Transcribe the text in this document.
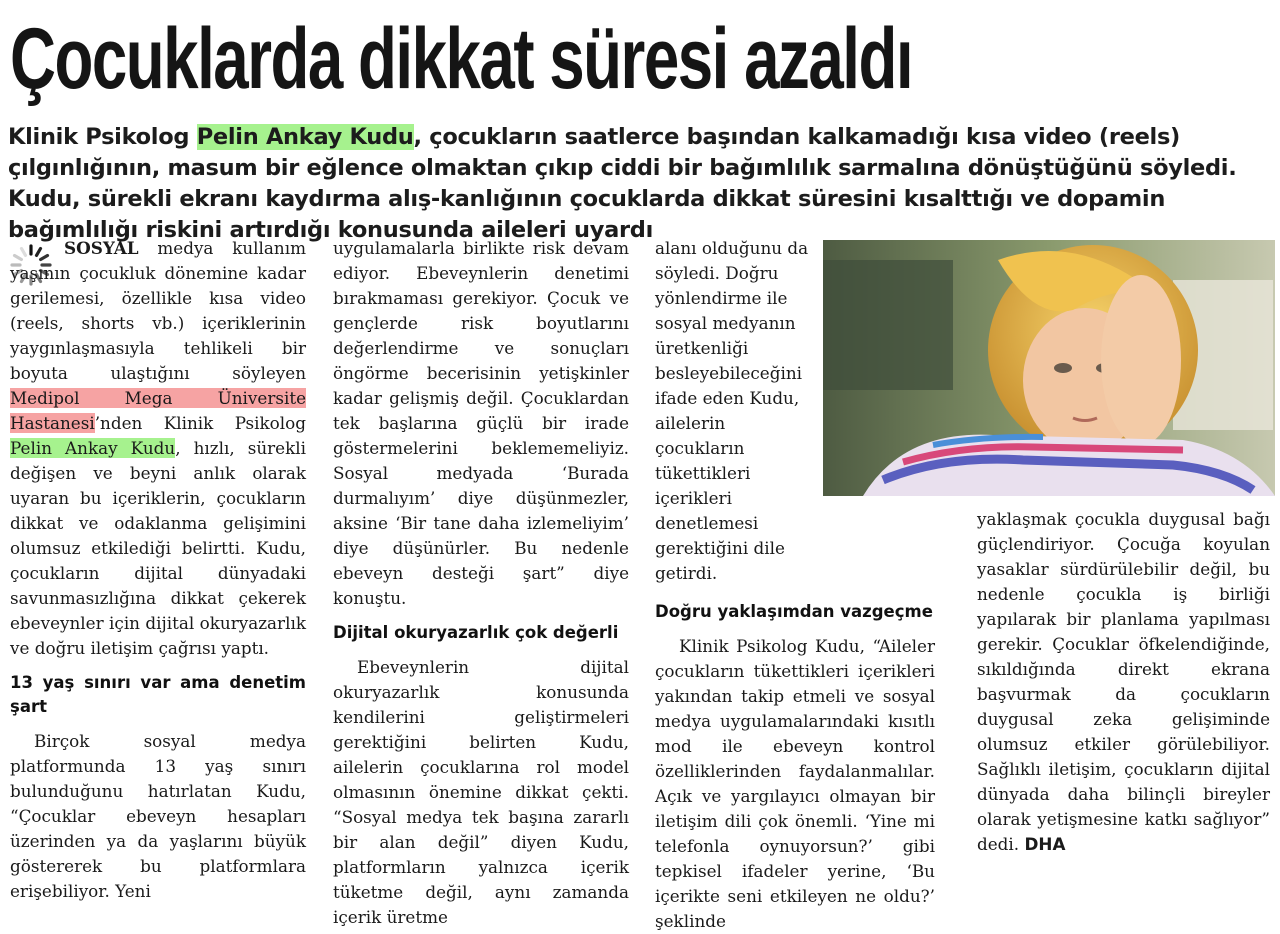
Çocuklarda dikkat süresi azaldı
Klinik Psikolog Pelin Ankay Kudu, çocukların saatlerce başından kalkamadığı kısa video (reels) çılgınlığının, masum bir eğlence olmaktan çıkıp ciddi bir bağımlılık sarmalına dönüştüğünü söyledi. Kudu, sürekli ekranı kaydırma alış-kanlığının çocuklarda dikkat süresini kısalttığı ve dopamin bağımlılığı riskini artırdığı konusunda aileleri uyardı

SOSYAL medya kullanım yaşının çocukluk dönemine kadar gerilemesi, özellikle kısa video (reels, shorts vb.) içeriklerinin yaygınlaşmasıyla tehlikeli bir boyuta ulaştığını söyleyen Medipol Mega Üniversite Hastanesi’nden Klinik Psikolog Pelin Ankay Kudu, hızlı, sürekli değişen ve beyni anlık olarak uyaran bu içeriklerin, çocukların dikkat ve odaklanma gelişimini olumsuz etkilediği belirtti. Kudu, çocukların dijital dünyadaki savunmasızlığına dikkat çekerek ebeveynler için dijital okuryazarlık ve doğru iletişim çağrısı yaptı.

13 yaş sınırı var ama denetim şart

Birçok sosyal medya platformunda 13 yaş sınırı bulunduğunu hatırlatan Kudu, “Çocuklar ebeveyn hesapları üzerinden ya da yaşlarını büyük göstererek bu platformlara erişebiliyor. Yeni

uygulamalarla birlikte risk devam ediyor. Ebeveynlerin denetimi bırakmaması gerekiyor. Çocuk ve gençlerde risk boyutlarını değerlendirme ve sonuçları öngörme becerisinin yetişkinler kadar gelişmiş değil. Çocuklardan tek başlarına güçlü bir irade göstermelerini beklememeliyiz. Sosyal medyada ‘Burada durmalıyım’ diye düşünmezler, aksine ‘Bir tane daha izlemeliyim’ diye düşünürler. Bu nedenle ebeveyn desteği şart” diye konuştu.

Dijital okuryazarlık çok değerli

Ebeveynlerin dijital okuryazarlık konusunda kendilerini geliştirmeleri gerektiğini belirten Kudu, ailelerin çocuklarına rol model olmasının önemine dikkat çekti. “Sosyal medya tek başına zararlı bir alan değil” diyen Kudu, platformların yalnızca içerik tüketme değil, aynı zamanda içerik üretme

alanı olduğunu da söyledi. Doğru yönlendirme ile sosyal medyanın üretkenliği besleyebileceğini ifade eden Kudu, ailelerin çocukların tükettikleri içerikleri denetlemesi gerektiğini dile getirdi.

Doğru yaklaşımdan vazgeçme

Klinik Psikolog Kudu, “Aileler çocukların tükettikleri içerikleri yakından takip etmeli ve sosyal medya uygulamalarındaki kısıtlı mod ile ebeveyn kontrol özelliklerinden faydalanmalılar. Açık ve yargılayıcı olmayan bir iletişim dili çok önemli. ‘Yine mi telefonla oynuyorsun?’ gibi tepkisel ifadeler yerine, ‘Bu içerikte seni etkileyen ne oldu?’ şeklinde

yaklaşmak çocukla duygusal bağı güçlendiriyor. Çocuğa koyulan yasaklar sürdürülebilir değil, bu nedenle çocukla iş birliği yapılarak bir planlama yapılması gerekir. Çocuklar öfkelendiğinde, sıkıldığında direkt ekrana başvurmak da çocukların duygusal zeka gelişiminde olumsuz etkiler görülebiliyor. Sağlıklı iletişim, çocukların dijital dünyada daha bilinçli bireyler olarak yetişmesine katkı sağlıyor” dedi. DHA
